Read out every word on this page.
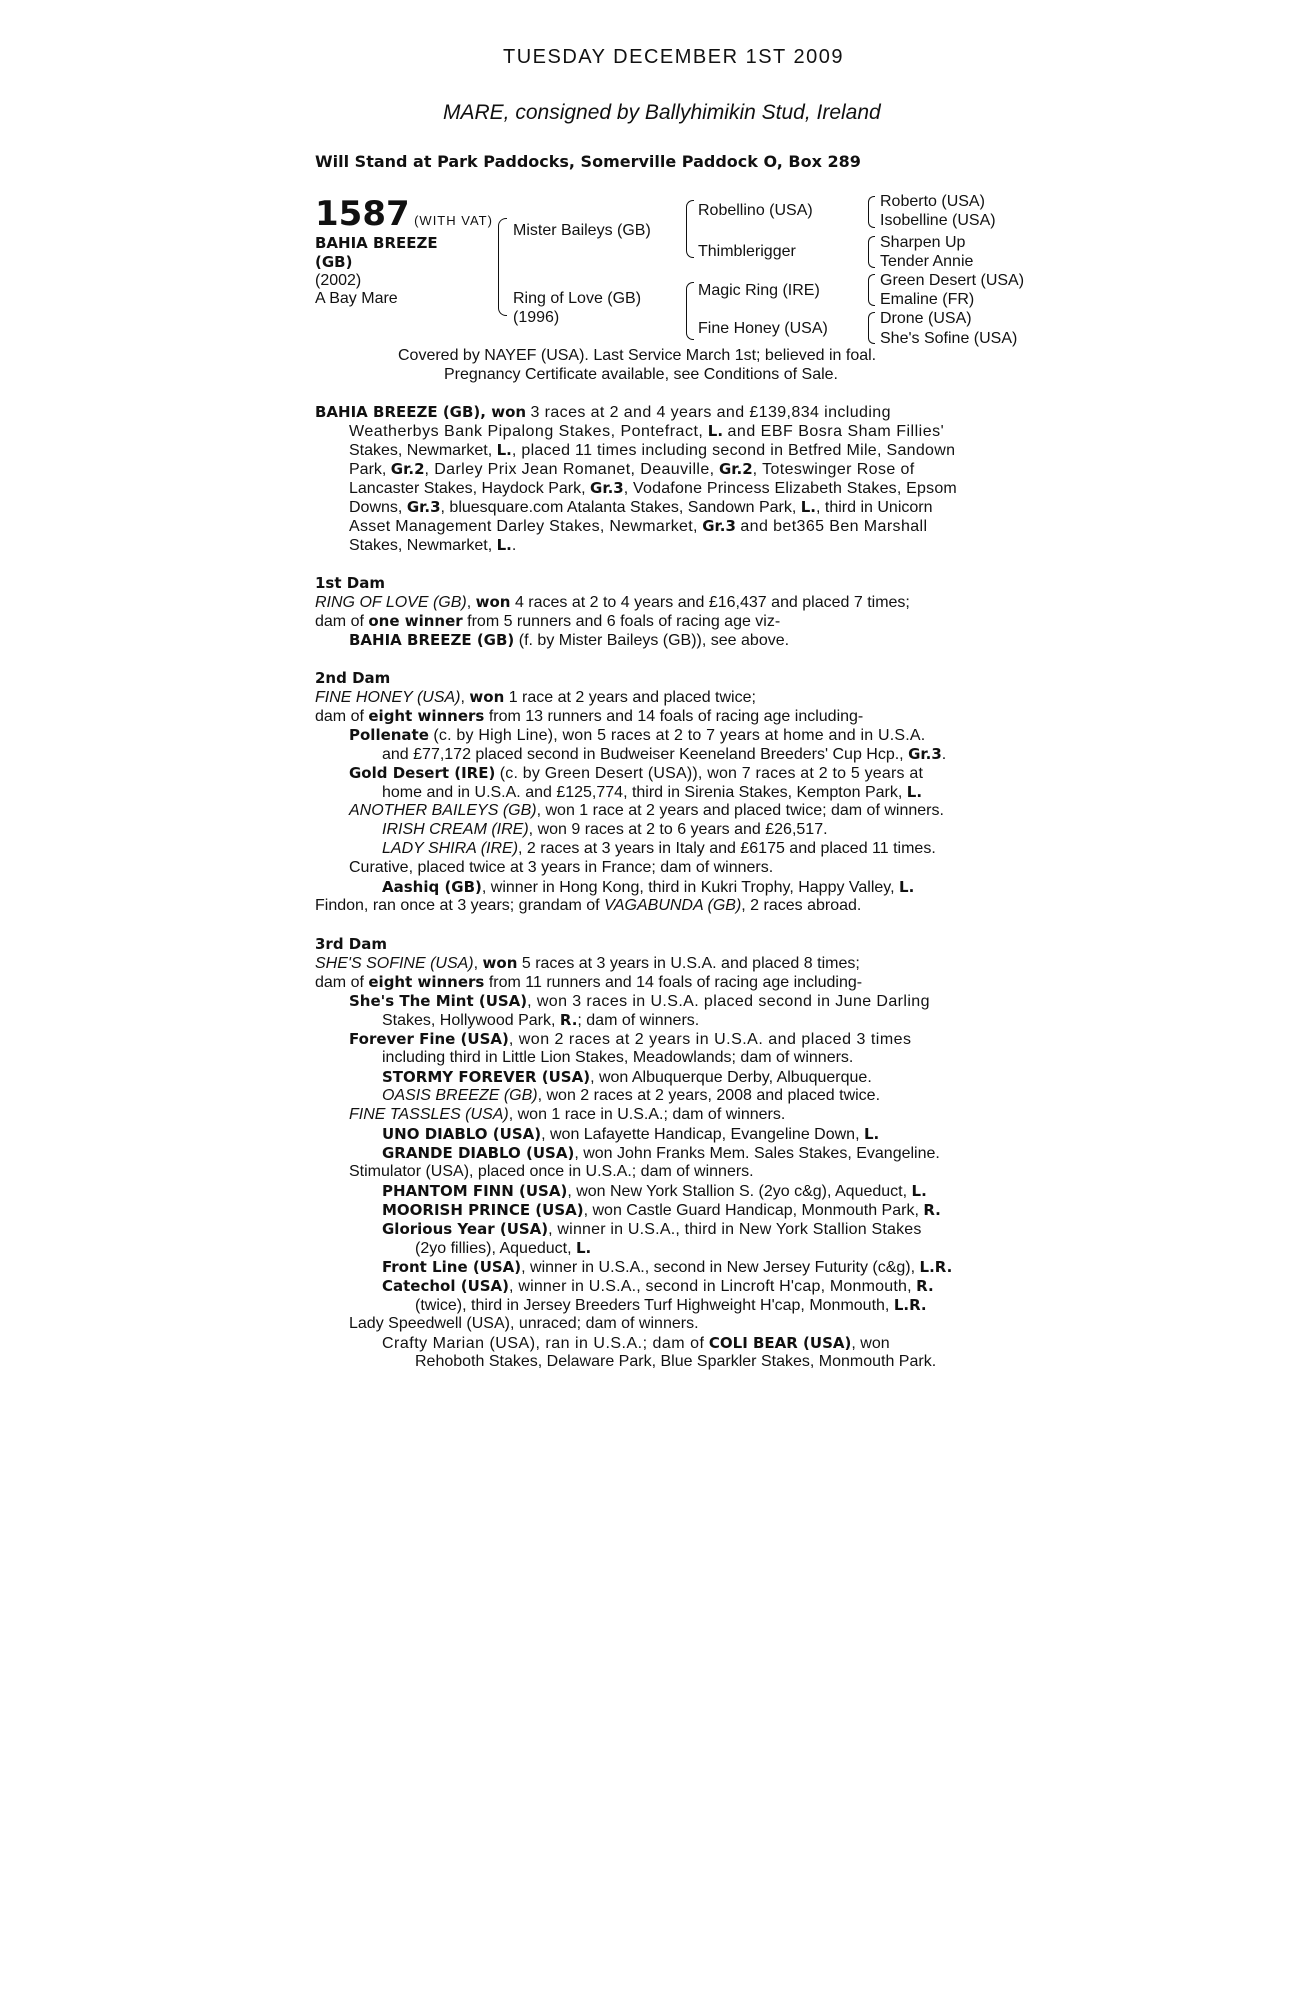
TUESDAY DECEMBER 1ST 2009
MARE, consigned by Ballyhimikin Stud, Ireland
Will Stand at Park Paddocks, Somerville Paddock O, Box 289
1587 (WITH VAT)
BAHIA BREEZE
(GB)
(2002)
A Bay Mare
Mister Baileys (GB)
Ring of Love (GB)
(1996)
Robellino (USA)
Thimblerigger
Magic Ring (IRE)
Fine Honey (USA)
Roberto (USA)
Isobelline (USA)
Sharpen Up
Tender Annie
Green Desert (USA)
Emaline (FR)
Drone (USA)
She's Sofine (USA)
Covered by NAYEF (USA). Last Service March 1st; believed in foal.
Pregnancy Certificate available, see Conditions of Sale.
BAHIA BREEZE (GB), won 3 races at 2 and 4 years and £139,834 including
Weatherbys Bank Pipalong Stakes, Pontefract, L. and EBF Bosra Sham Fillies'
Stakes, Newmarket, L., placed 11 times including second in Betfred Mile, Sandown
Park, Gr.2, Darley Prix Jean Romanet, Deauville, Gr.2, Toteswinger Rose of
Lancaster Stakes, Haydock Park, Gr.3, Vodafone Princess Elizabeth Stakes, Epsom
Downs, Gr.3, bluesquare.com Atalanta Stakes, Sandown Park, L., third in Unicorn
Asset Management Darley Stakes, Newmarket, Gr.3 and bet365 Ben Marshall
Stakes, Newmarket, L..
1st Dam
RING OF LOVE (GB), won 4 races at 2 to 4 years and £16,437 and placed 7 times;
dam of one winner from 5 runners and 6 foals of racing age viz-
BAHIA BREEZE (GB) (f. by Mister Baileys (GB)), see above.
2nd Dam
FINE HONEY (USA), won 1 race at 2 years and placed twice;
dam of eight winners from 13 runners and 14 foals of racing age including-
Pollenate (c. by High Line), won 5 races at 2 to 7 years at home and in U.S.A.
and £77,172 placed second in Budweiser Keeneland Breeders' Cup Hcp., Gr.3.
Gold Desert (IRE) (c. by Green Desert (USA)), won 7 races at 2 to 5 years at
home and in U.S.A. and £125,774, third in Sirenia Stakes, Kempton Park, L.
ANOTHER BAILEYS (GB), won 1 race at 2 years and placed twice; dam of winners.
IRISH CREAM (IRE), won 9 races at 2 to 6 years and £26,517.
LADY SHIRA (IRE), 2 races at 3 years in Italy and £6175 and placed 11 times.
Curative, placed twice at 3 years in France; dam of winners.
Aashiq (GB), winner in Hong Kong, third in Kukri Trophy, Happy Valley, L.
Findon, ran once at 3 years; grandam of VAGABUNDA (GB), 2 races abroad.
3rd Dam
SHE'S SOFINE (USA), won 5 races at 3 years in U.S.A. and placed 8 times;
dam of eight winners from 11 runners and 14 foals of racing age including-
She's The Mint (USA), won 3 races in U.S.A. placed second in June Darling
Stakes, Hollywood Park, R.; dam of winners.
Forever Fine (USA), won 2 races at 2 years in U.S.A. and placed 3 times
including third in Little Lion Stakes, Meadowlands; dam of winners.
STORMY FOREVER (USA), won Albuquerque Derby, Albuquerque.
OASIS BREEZE (GB), won 2 races at 2 years, 2008 and placed twice.
FINE TASSLES (USA), won 1 race in U.S.A.; dam of winners.
UNO DIABLO (USA), won Lafayette Handicap, Evangeline Down, L.
GRANDE DIABLO (USA), won John Franks Mem. Sales Stakes, Evangeline.
Stimulator (USA), placed once in U.S.A.; dam of winners.
PHANTOM FINN (USA), won New York Stallion S. (2yo c&g), Aqueduct, L.
MOORISH PRINCE (USA), won Castle Guard Handicap, Monmouth Park, R.
Glorious Year (USA), winner in U.S.A., third in New York Stallion Stakes
(2yo fillies), Aqueduct, L.
Front Line (USA), winner in U.S.A., second in New Jersey Futurity (c&g), L.R.
Catechol (USA), winner in U.S.A., second in Lincroft H'cap, Monmouth, R.
(twice), third in Jersey Breeders Turf Highweight H'cap, Monmouth, L.R.
Lady Speedwell (USA), unraced; dam of winners.
Crafty Marian (USA), ran in U.S.A.; dam of COLI BEAR (USA), won
Rehoboth Stakes, Delaware Park, Blue Sparkler Stakes, Monmouth Park.
